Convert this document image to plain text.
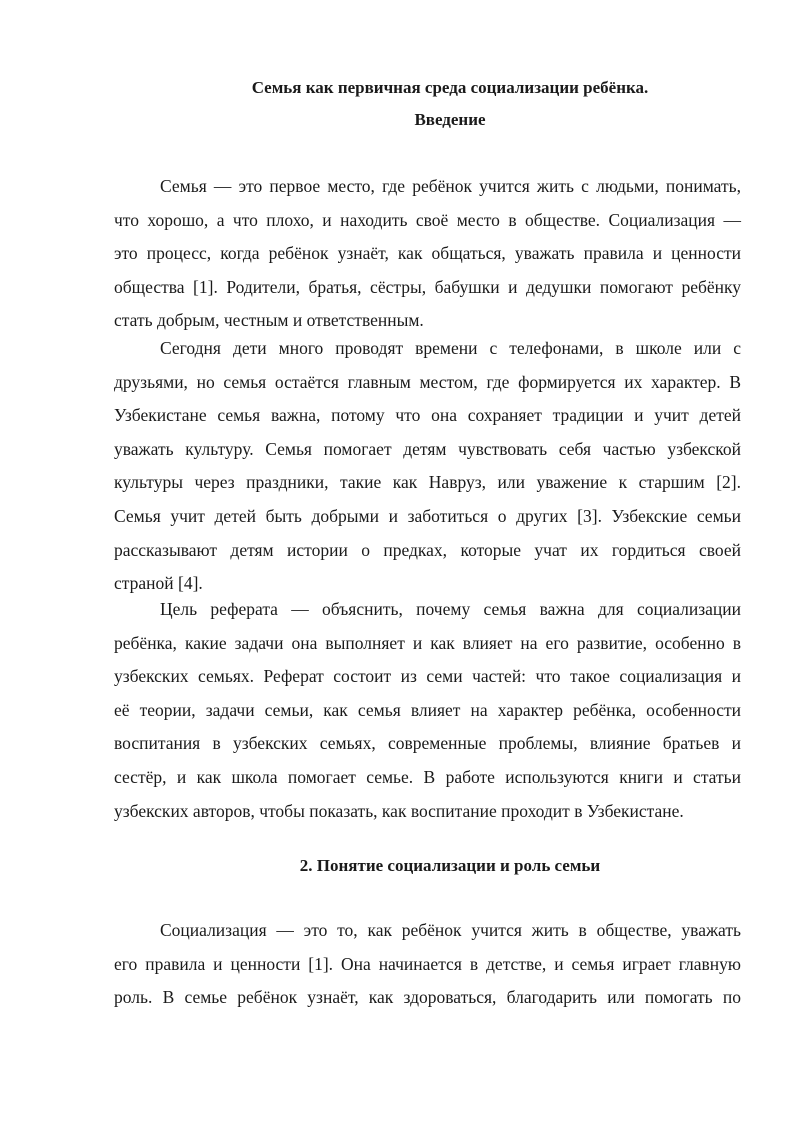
Семья как первичная среда социализации ребёнка.
Введение

Семья — это первое место, где ребёнок учится жить с людьми, понимать,
что хорошо, а что плохо, и находить своё место в обществе. Социализация —
это процесс, когда ребёнок узнаёт, как общаться, уважать правила и ценности
общества [1]. Родители, братья, сёстры, бабушки и дедушки помогают ребёнку
стать добрым, честным и ответственным.

Сегодня дети много проводят времени с телефонами, в школе или с
друзьями, но семья остаётся главным местом, где формируется их характер. В
Узбекистане семья важна, потому что она сохраняет традиции и учит детей
уважать культуру. Семья помогает детям чувствовать себя частью узбекской
культуры через праздники, такие как Навруз, или уважение к старшим [2].
Семья учит детей быть добрыми и заботиться о других [3]. Узбекские семьи
рассказывают детям истории о предках, которые учат их гордиться своей
страной [4].

Цель реферата — объяснить, почему семья важна для социализации
ребёнка, какие задачи она выполняет и как влияет на его развитие, особенно в
узбекских семьях. Реферат состоит из семи частей: что такое социализация и
её теории, задачи семьи, как семья влияет на характер ребёнка, особенности
воспитания в узбекских семьях, современные проблемы, влияние братьев и
сестёр, и как школа помогает семье. В работе используются книги и статьи
узбекских авторов, чтобы показать, как воспитание проходит в Узбекистане.

2. Понятие социализации и роль семьи

Социализация — это то, как ребёнок учится жить в обществе, уважать
его правила и ценности [1]. Она начинается в детстве, и семья играет главную
роль. В семье ребёнок узнаёт, как здороваться, благодарить или помогать по
